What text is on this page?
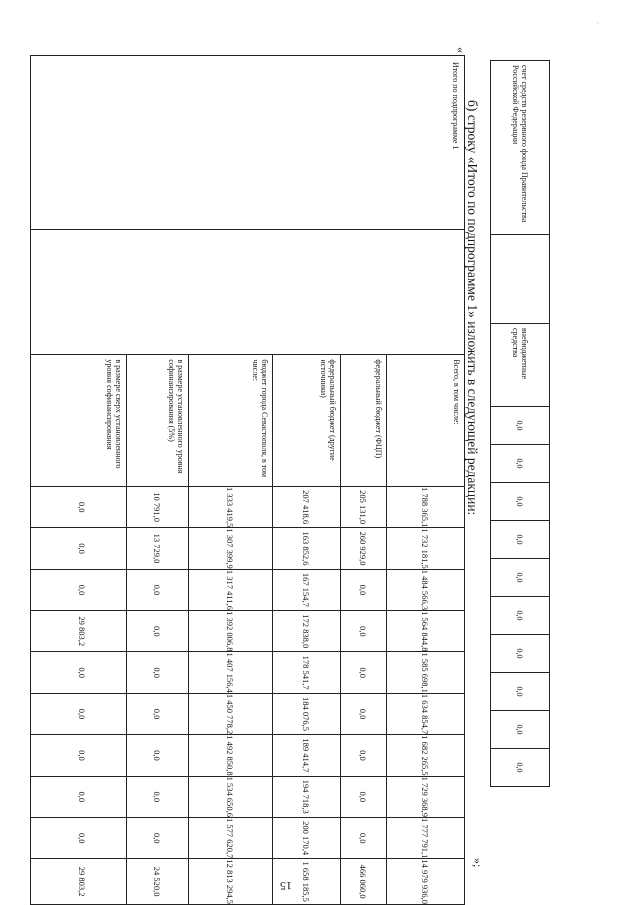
·
счет средств резервного фонда Правительства Российской Федерации		внебюджетные средства	0,0	0,0	0,0	0,0	0,0	0,0	0,0	0,0	0,0	0,0
б) строку «Итого по подпрограмме 1» изложить в следующей редакции:
«
Итого по подпрограмме 1		
Всего, в том числе:
федеральный бюджет (ФЦП)
федеральный бюджет (другие источники)
бюджет города Севастополя, в том числе:
в размере установленного уровня софинансирования (5%)
в размере сверх установленного уровня софинансирования

1 788 365,1
205 131,0
207 418,6
1 333 419,5
10 791,0
0,0

1 732 181,5
260 929,0
163 852,6
1 307 399,9
13 729,0
0,0

1 484 566,3
0,0
167 154,7
1 317 411,6
0,0
0,0

1 564 844,8
0,0
172 838,0
1 392 006,8
0,0
29 803,2

1 585 698,1
0,0
178 541,7
1 407 156,4
0,0
0,0

1 634 854,7
0,0
184 076,5
1 450 778,2
0,0
0,0

1 682 265,5
0,0
189 414,7
1 492 850,8
0,0
0,0

1 729 368,9
0,0
194 718,3
1 534 650,6
0,0
0,0

1 777 791,1
0,0
200 170,4
1 577 620,7
0,0
0,0

14 979 936,0
466 060,0
1 658 185,5
12 813 294,5
24 520,0
29 803,2
»;
15
